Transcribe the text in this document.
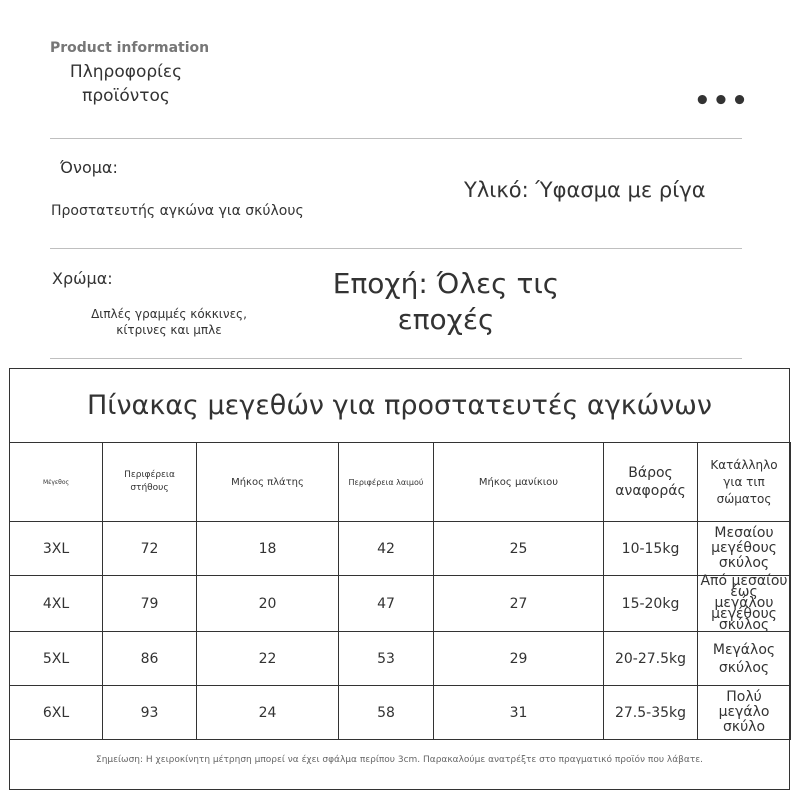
Product information
Πληροφορίες προϊόντος	•••
Όνομα:
Προστατευτής αγκώνα για σκύλους
Υλικό: Ύφασμα με ρίγα
Χρώμα:
Διπλές γραμμές κόκκινες, κίτρινες και μπλε
Εποχή: Όλες τις εποχές
Πίνακας μεγεθών για προστατευτές αγκώνων
Μέγεθος	Περιφέρεια στήθους	Μήκος πλάτης	Περιφέρεια λαιμού	Μήκος μανίκιου	Βάρος αναφοράς	Κατάλληλο για τιπ σώματος
3XL	72	18	42	25	10-15kg	Μεσαίου μεγέθους σκύλος
4XL	79	20	47	27	15-20kg	Από μεσαίου έως μεγάλου μεγέθους σκύλος
5XL	86	22	53	29	20-27.5kg	Μεγάλος σκύλος
6XL	93	24	58	31	27.5-35kg	Πολύ μεγάλο σκύλο
Σημείωση: Η χειροκίνητη μέτρηση μπορεί να έχει σφάλμα περίπου 3cm. Παρακαλούμε ανατρέξτε στο πραγματικό προϊόν που λάβατε.
